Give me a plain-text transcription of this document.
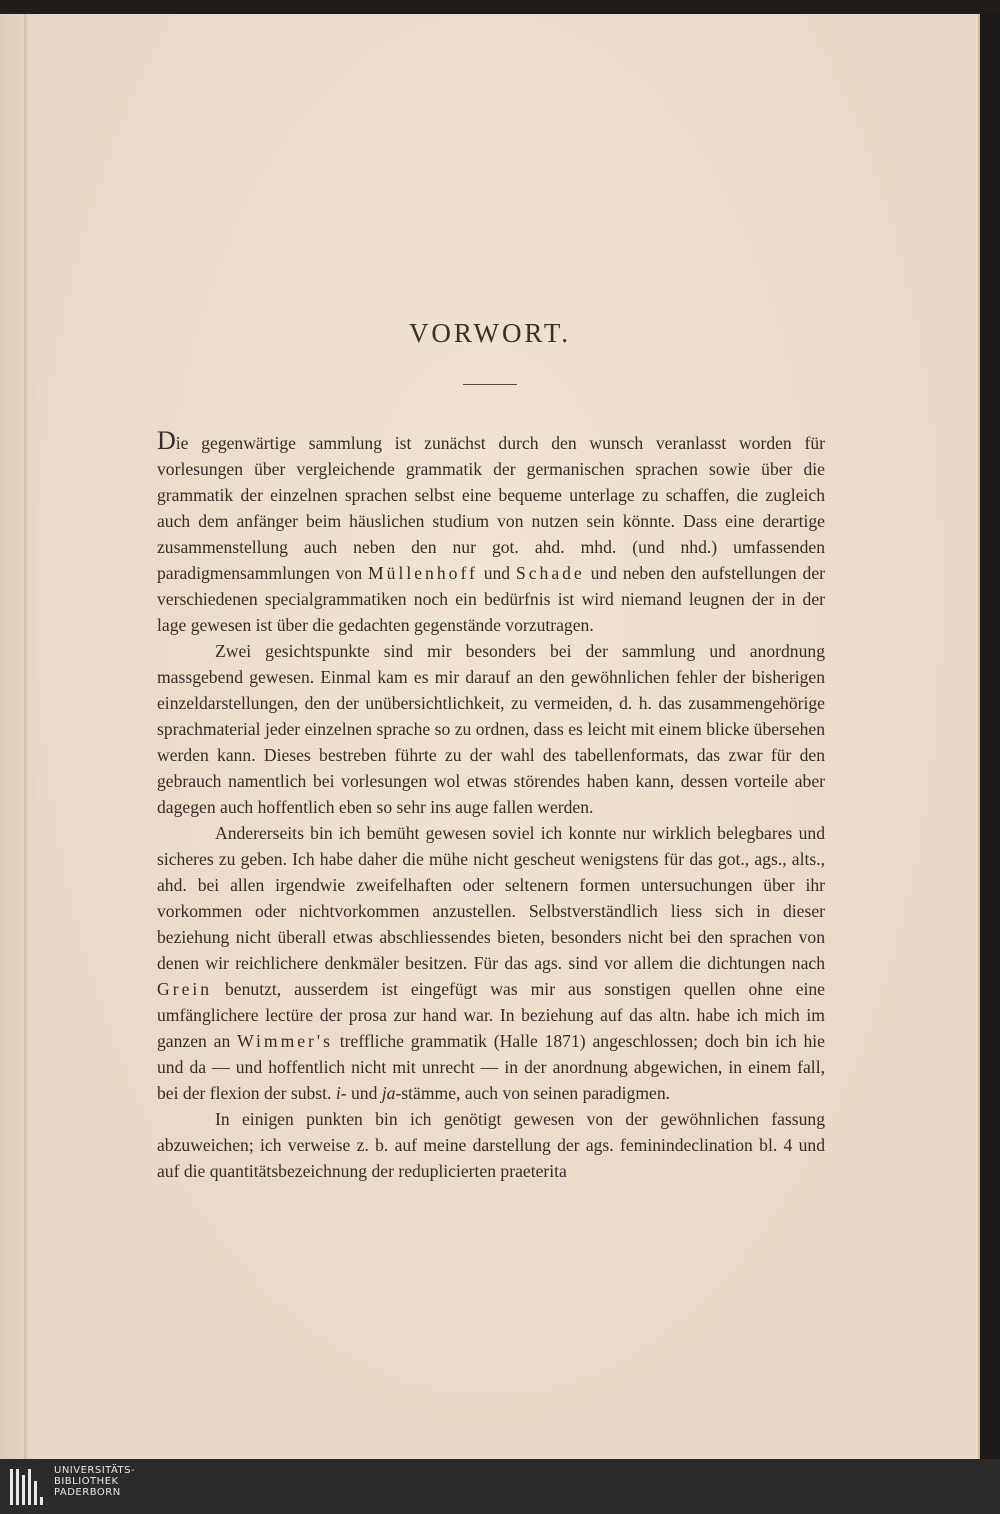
VORWORT.

Die gegenwärtige sammlung ist zunächst durch den wunsch veranlasst worden für vorlesungen über vergleichende grammatik der germanischen sprachen sowie über die grammatik der einzelnen sprachen selbst eine bequeme unterlage zu schaffen, die zugleich auch dem anfänger beim häuslichen studium von nutzen sein könnte. Dass eine derartige zusammenstellung auch neben den nur got. ahd. mhd. (und nhd.) umfassenden paradigmensammlungen von Müllenhoff und Schade und neben den aufstellungen der verschiedenen specialgrammatiken noch ein bedürfnis ist wird niemand leugnen der in der lage gewesen ist über die gedachten gegenstände vorzutragen.

Zwei gesichtspunkte sind mir besonders bei der sammlung und anordnung massgebend gewesen. Einmal kam es mir darauf an den gewöhnlichen fehler der bisherigen einzeldarstellungen, den der unübersichtlichkeit, zu vermeiden, d. h. das zusammengehörige sprachmaterial jeder einzelnen sprache so zu ordnen, dass es leicht mit einem blicke übersehen werden kann. Dieses bestreben führte zu der wahl des tabellenformats, das zwar für den gebrauch namentlich bei vorlesungen wol etwas störendes haben kann, dessen vorteile aber dagegen auch hoffentlich eben so sehr ins auge fallen werden.

Andererseits bin ich bemüht gewesen soviel ich konnte nur wirklich belegbares und sicheres zu geben. Ich habe daher die mühe nicht gescheut wenigstens für das got., ags., alts., ahd. bei allen irgendwie zweifelhaften oder seltenern formen untersuchungen über ihr vorkommen oder nichtvorkommen anzustellen. Selbstverständlich liess sich in dieser beziehung nicht überall etwas abschliessendes bieten, besonders nicht bei den sprachen von denen wir reichlichere denkmäler besitzen. Für das ags. sind vor allem die dichtungen nach Grein benutzt, ausserdem ist eingefügt was mir aus sonstigen quellen ohne eine umfänglichere lectüre der prosa zur hand war. In beziehung auf das altn. habe ich mich im ganzen an Wimmer's treffliche grammatik (Halle 1871) angeschlossen; doch bin ich hie und da — und hoffentlich nicht mit unrecht — in der anordnung abgewichen, in einem fall, bei der flexion der subst. i- und ja-stämme, auch von seinen paradigmen.

In einigen punkten bin ich genötigt gewesen von der gewöhnlichen fassung abzuweichen; ich verweise z. b. auf meine darstellung der ags. feminindeclination bl. 4 und auf die quantitätsbezeichnung der reduplicierten praeterita

UNIVERSITÄTS-
BIBLIOTHEK
PADERBORN
